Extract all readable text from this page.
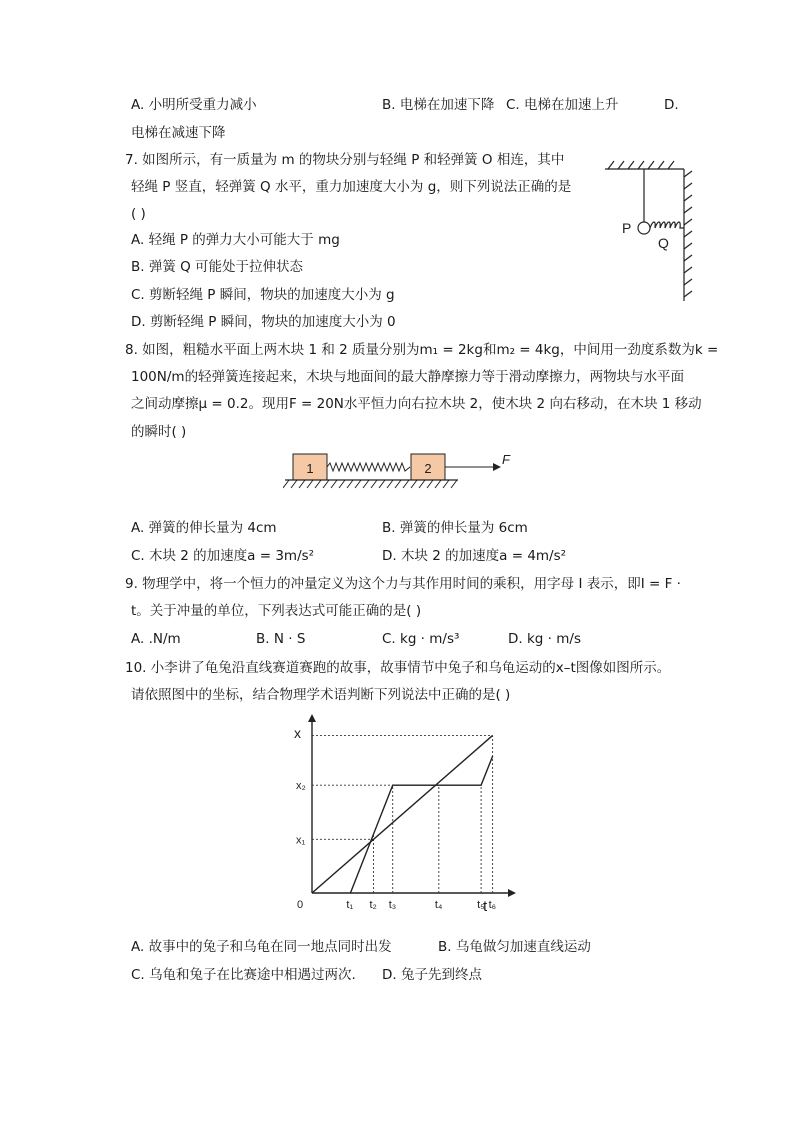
A. 小明所受重力减小	B. 电梯在加速下降 C. 电梯在加速上升	D.
电梯在减速下降
7. 如图所示，有一质量为 m 的物块分别与轻绳 P 和轻弹簧 O 相连，其中
轻绳 P 竖直，轻弹簧 Q 水平，重力加速度大小为 g，则下列说法正确的是
( )
A. 轻绳 P 的弹力大小可能大于 mg
B. 弹簧 Q 可能处于拉伸状态
C. 剪断轻绳 P 瞬间，物块的加速度大小为 g
D. 剪断轻绳 P 瞬间，物块的加速度大小为 0
P
Q
8. 如图，粗糙水平面上两木块 1 和 2 质量分别为m₁ = 2kg和m₂ = 4kg，中间用一劲度系数为k =
100N/m的轻弹簧连接起来，木块与地面间的最大静摩擦力等于滑动摩擦力，两物块与水平面
之间动摩擦μ = 0.2。现用F = 20N水平恒力向右拉木块 2，使木块 2 向右移动，在木块 1 移动
的瞬时( )
1	2
F
A. 弹簧的伸长量为 4cm	B. 弹簧的伸长量为 6cm
C. 木块 2 的加速度a = 3m/s²	D. 木块 2 的加速度a = 4m/s²
9. 物理学中，将一个恒力的冲量定义为这个力与其作用时间的乘积，用字母 I 表示，即I = F ·
t。关于冲量的单位，下列表达式可能正确的是( )
A. .N/m	B. N · S	C. kg · m/s³	D. kg · m/s
10. 小李讲了龟兔沿直线赛道赛跑的故事，故事情节中兔子和乌龟运动的x–t图像如图所示。
请依照图中的坐标，结合物理学术语判断下列说法中正确的是( )
t₁ t₂ t₃	t₄	t₅ t₆
x₁
x₂
x
t
0
A. 故事中的兔子和乌龟在同一地点同时出发	B. 乌龟做匀加速直线运动
C. 乌龟和兔子在比赛途中相遇过两次. D. 兔子先到终点
